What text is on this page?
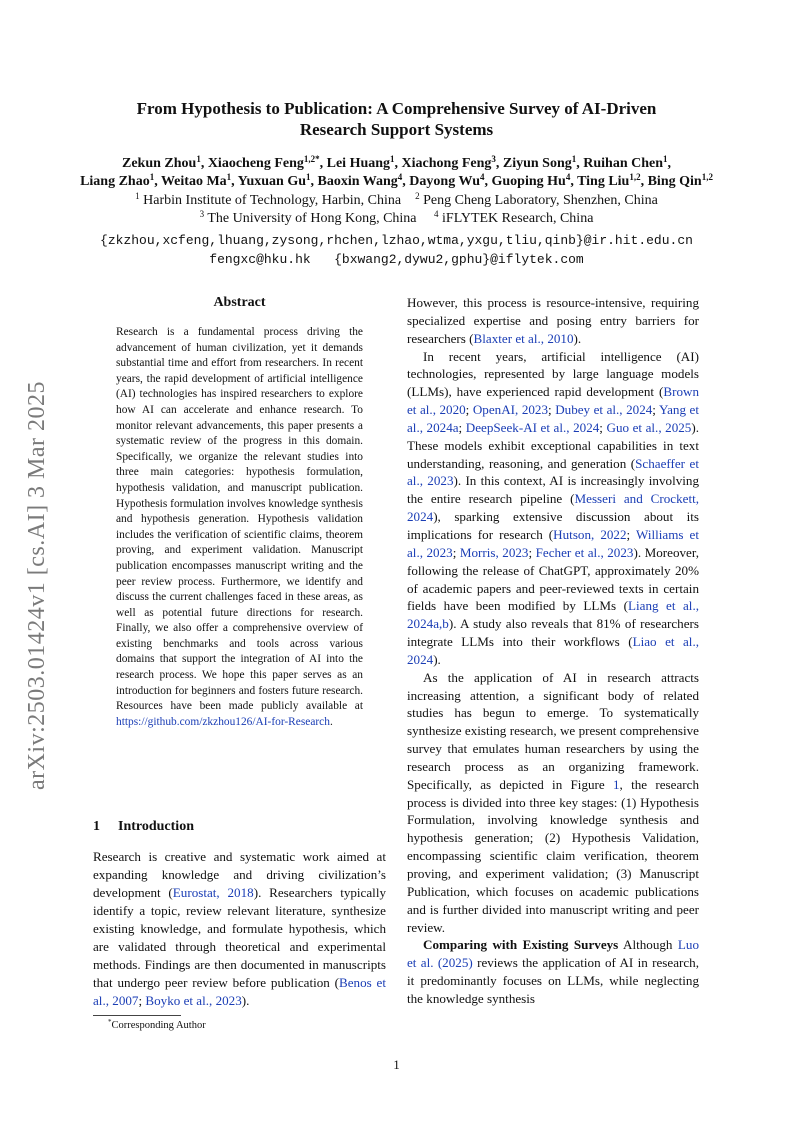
arXiv:2503.01424v1 [cs.AI] 3 Mar 2025
From Hypothesis to Publication: A Comprehensive Survey of AI-Driven
Research Support Systems
Zekun Zhou$^1$, Xiaocheng Feng$^{1,2*}$, Lei Huang$^1$, Xiachong Feng$^3$, Ziyun Song$^1$, Ruihan Chen$^1$,
Liang Zhao$^1$, Weitao Ma$^1$, Yuxuan Gu$^1$, Baoxin Wang$^4$, Dayong Wu$^4$, Guoping Hu$^4$, Ting Liu$^{1,2}$, Bing Qin$^{1,2}$
$^1$ Harbin Institute of Technology, Harbin, China $^2$ Peng Cheng Laboratory, Shenzhen, China
$^3$ The University of Hong Kong, China $^4$ iFLYTEK Research, China
{zkzhou,xcfeng,lhuang,zysong,rhchen,lzhao,wtma,yxgu,tliu,qinb}@ir.hit.edu.cn
fengxc@hku.hk   {bxwang2,dywu2,gphu}@iflytek.com
Abstract
Research is a fundamental process driving the advancement of human civilization, yet it demands substantial time and effort from researchers. In recent years, the rapid development of artificial intelligence (AI) technologies has inspired researchers to explore how AI can accelerate and enhance research. To monitor relevant advancements, this paper presents a systematic review of the progress in this domain. Specifically, we organize the relevant studies into three main categories: hypothesis formulation, hypothesis validation, and manuscript publication. Hypothesis formulation involves knowledge synthesis and hypothesis generation. Hypothesis validation includes the verification of scientific claims, theorem proving, and experiment validation. Manuscript publication encompasses manuscript writing and the peer review process. Furthermore, we identify and discuss the current challenges faced in these areas, as well as potential future directions for research. Finally, we also offer a comprehensive overview of existing benchmarks and tools across various domains that support the integration of AI into the research process. We hope this paper serves as an introduction for beginners and fosters future research. Resources have been made publicly available at https://github.com/zkzhou126/AI-for-Research.
1 Introduction
Research is creative and systematic work aimed at expanding knowledge and driving civilization’s development (Eurostat, 2018). Researchers typically identify a topic, review relevant literature, synthesize existing knowledge, and formulate hypothesis, which are validated through theoretical and experimental methods. Findings are then documented in manuscripts that undergo peer review before publication (Benos et al., 2007; Boyko et al., 2023).
*Corresponding Author

However, this process is resource-intensive, requiring specialized expertise and posing entry barriers for researchers (Blaxter et al., 2010).

In recent years, artificial intelligence (AI) technologies, represented by large language models (LLMs), have experienced rapid development (Brown et al., 2020; OpenAI, 2023; Dubey et al., 2024; Yang et al., 2024a; DeepSeek-AI et al., 2024; Guo et al., 2025). These models exhibit exceptional capabilities in text understanding, reasoning, and generation (Schaeffer et al., 2023). In this context, AI is increasingly involving the entire research pipeline (Messeri and Crockett, 2024), sparking extensive discussion about its implications for research (Hutson, 2022; Williams et al., 2023; Morris, 2023; Fecher et al., 2023). Moreover, following the release of ChatGPT, approximately 20% of academic papers and peer-reviewed texts in certain fields have been modified by LLMs (Liang et al., 2024a,b). A study also reveals that 81% of researchers integrate LLMs into their workflows (Liao et al., 2024).

As the application of AI in research attracts increasing attention, a significant body of related studies has begun to emerge. To systematically synthesize existing research, we present comprehensive survey that emulates human researchers by using the research process as an organizing framework. Specifically, as depicted in Figure 1, the research process is divided into three key stages: (1) Hypothesis Formulation, involving knowledge synthesis and hypothesis generation; (2) Hypothesis Validation, encompassing scientific claim verification, theorem proving, and experiment validation; (3) Manuscript Publication, which focuses on academic publications and is further divided into manuscript writing and peer review.

Comparing with Existing Surveys Although Luo et al. (2025) reviews the application of AI in research, it predominantly focuses on LLMs, while neglecting the knowledge synthesis

1
